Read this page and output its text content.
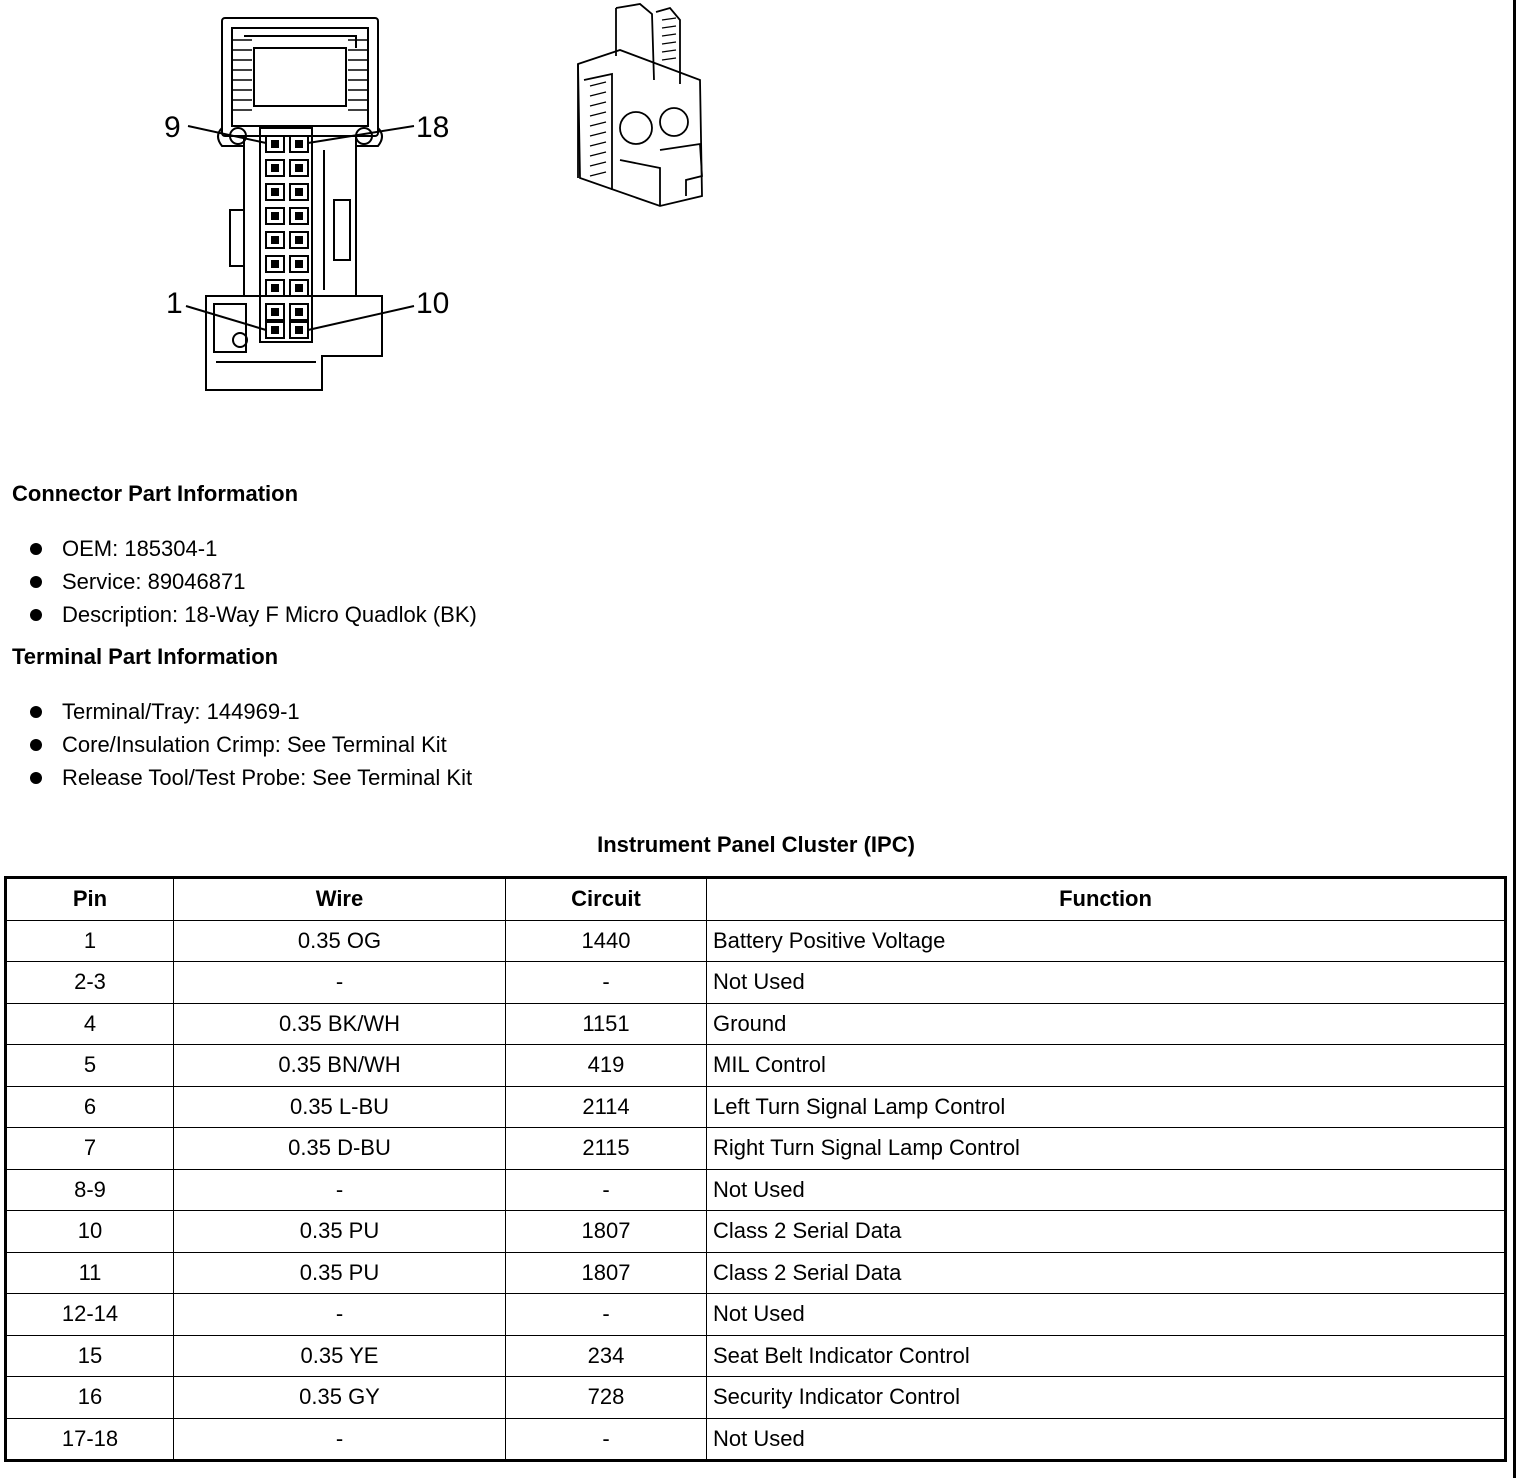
9	18
1	10
Connector Part Information
OEM: 185304-1
Service: 89046871
Description: 18-Way F Micro Quadlok (BK)
Terminal Part Information
Terminal/Tray: 144969-1
Core/Insulation Crimp: See Terminal Kit
Release Tool/Test Probe: See Terminal Kit
Instrument Panel Cluster (IPC)
Pin	Wire	Circuit	Function
1	0.35 OG	1440	Battery Positive Voltage
2-3	-	-	Not Used
4	0.35 BK/WH	1151	Ground
5	0.35 BN/WH	419	MIL Control
6	0.35 L-BU	2114	Left Turn Signal Lamp Control
7	0.35 D-BU	2115	Right Turn Signal Lamp Control
8-9	-	-	Not Used
10	0.35 PU	1807	Class 2 Serial Data
11	0.35 PU	1807	Class 2 Serial Data
12-14	-	-	Not Used
15	0.35 YE	234	Seat Belt Indicator Control
16	0.35 GY	728	Security Indicator Control
17-18	-	-	Not Used
